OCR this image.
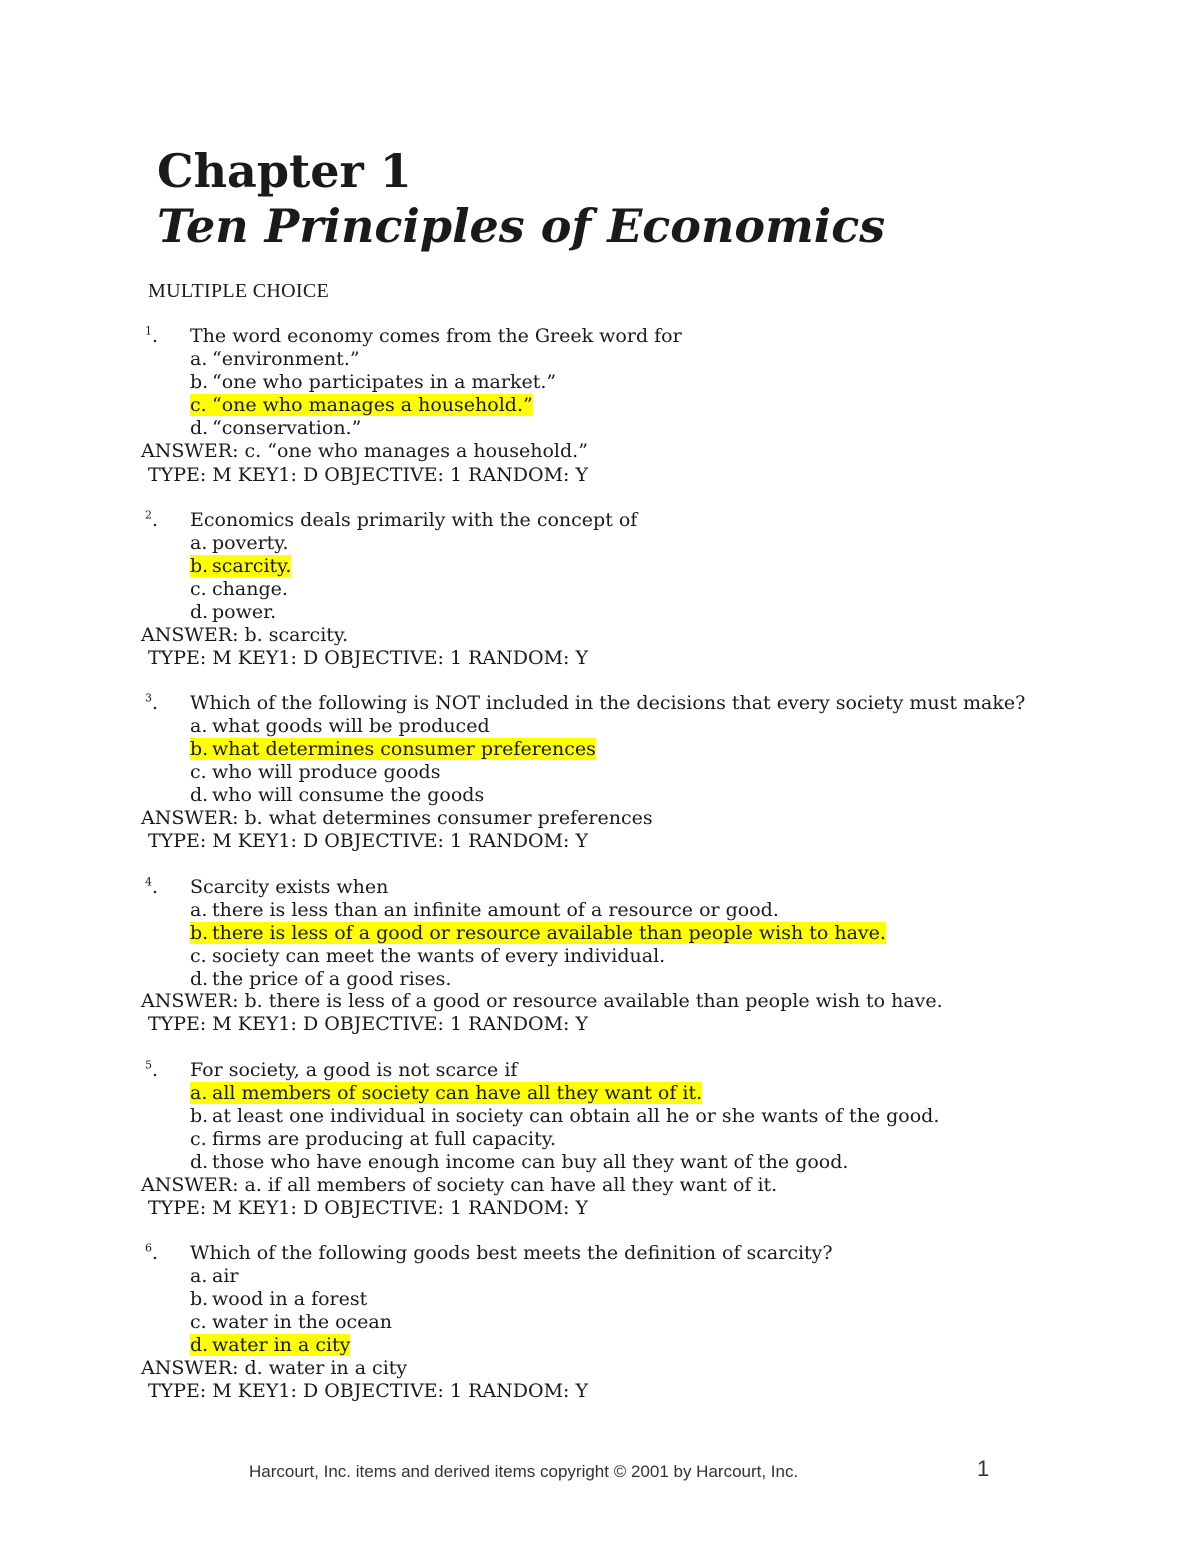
Chapter 1
Ten Principles of Economics
MULTIPLE CHOICE
$^1$. The word economy comes from the Greek word for
a. “environment.”
b. “one who participates in a market.”
c. “one who manages a household.”
d. “conservation.”
ANSWER: c. “one who manages a household.”
TYPE: M KEY1: D OBJECTIVE: 1 RANDOM: Y
$^2$. Economics deals primarily with the concept of
a. poverty.
b. scarcity.
c. change.
d. power.
ANSWER: b. scarcity.
TYPE: M KEY1: D OBJECTIVE: 1 RANDOM: Y
$^3$. Which of the following is NOT included in the decisions that every society must make?
a. what goods will be produced
b. what determines consumer preferences
c. who will produce goods
d. who will consume the goods
ANSWER: b. what determines consumer preferences
TYPE: M KEY1: D OBJECTIVE: 1 RANDOM: Y
$^4$. Scarcity exists when
a. there is less than an infinite amount of a resource or good.
b. there is less of a good or resource available than people wish to have.
c. society can meet the wants of every individual.
d. the price of a good rises.
ANSWER: b. there is less of a good or resource available than people wish to have.
TYPE: M KEY1: D OBJECTIVE: 1 RANDOM: Y
$^5$. For society, a good is not scarce if
a. all members of society can have all they want of it.
b. at least one individual in society can obtain all he or she wants of the good.
c. firms are producing at full capacity.
d. those who have enough income can buy all they want of the good.
ANSWER: a. if all members of society can have all they want of it.
TYPE: M KEY1: D OBJECTIVE: 1 RANDOM: Y
$^6$. Which of the following goods best meets the definition of scarcity?
a. air
b. wood in a forest
c. water in the ocean
d. water in a city
ANSWER: d. water in a city
TYPE: M KEY1: D OBJECTIVE: 1 RANDOM: Y
Harcourt, Inc. items and derived items copyright © 2001 by Harcourt, Inc.	1
